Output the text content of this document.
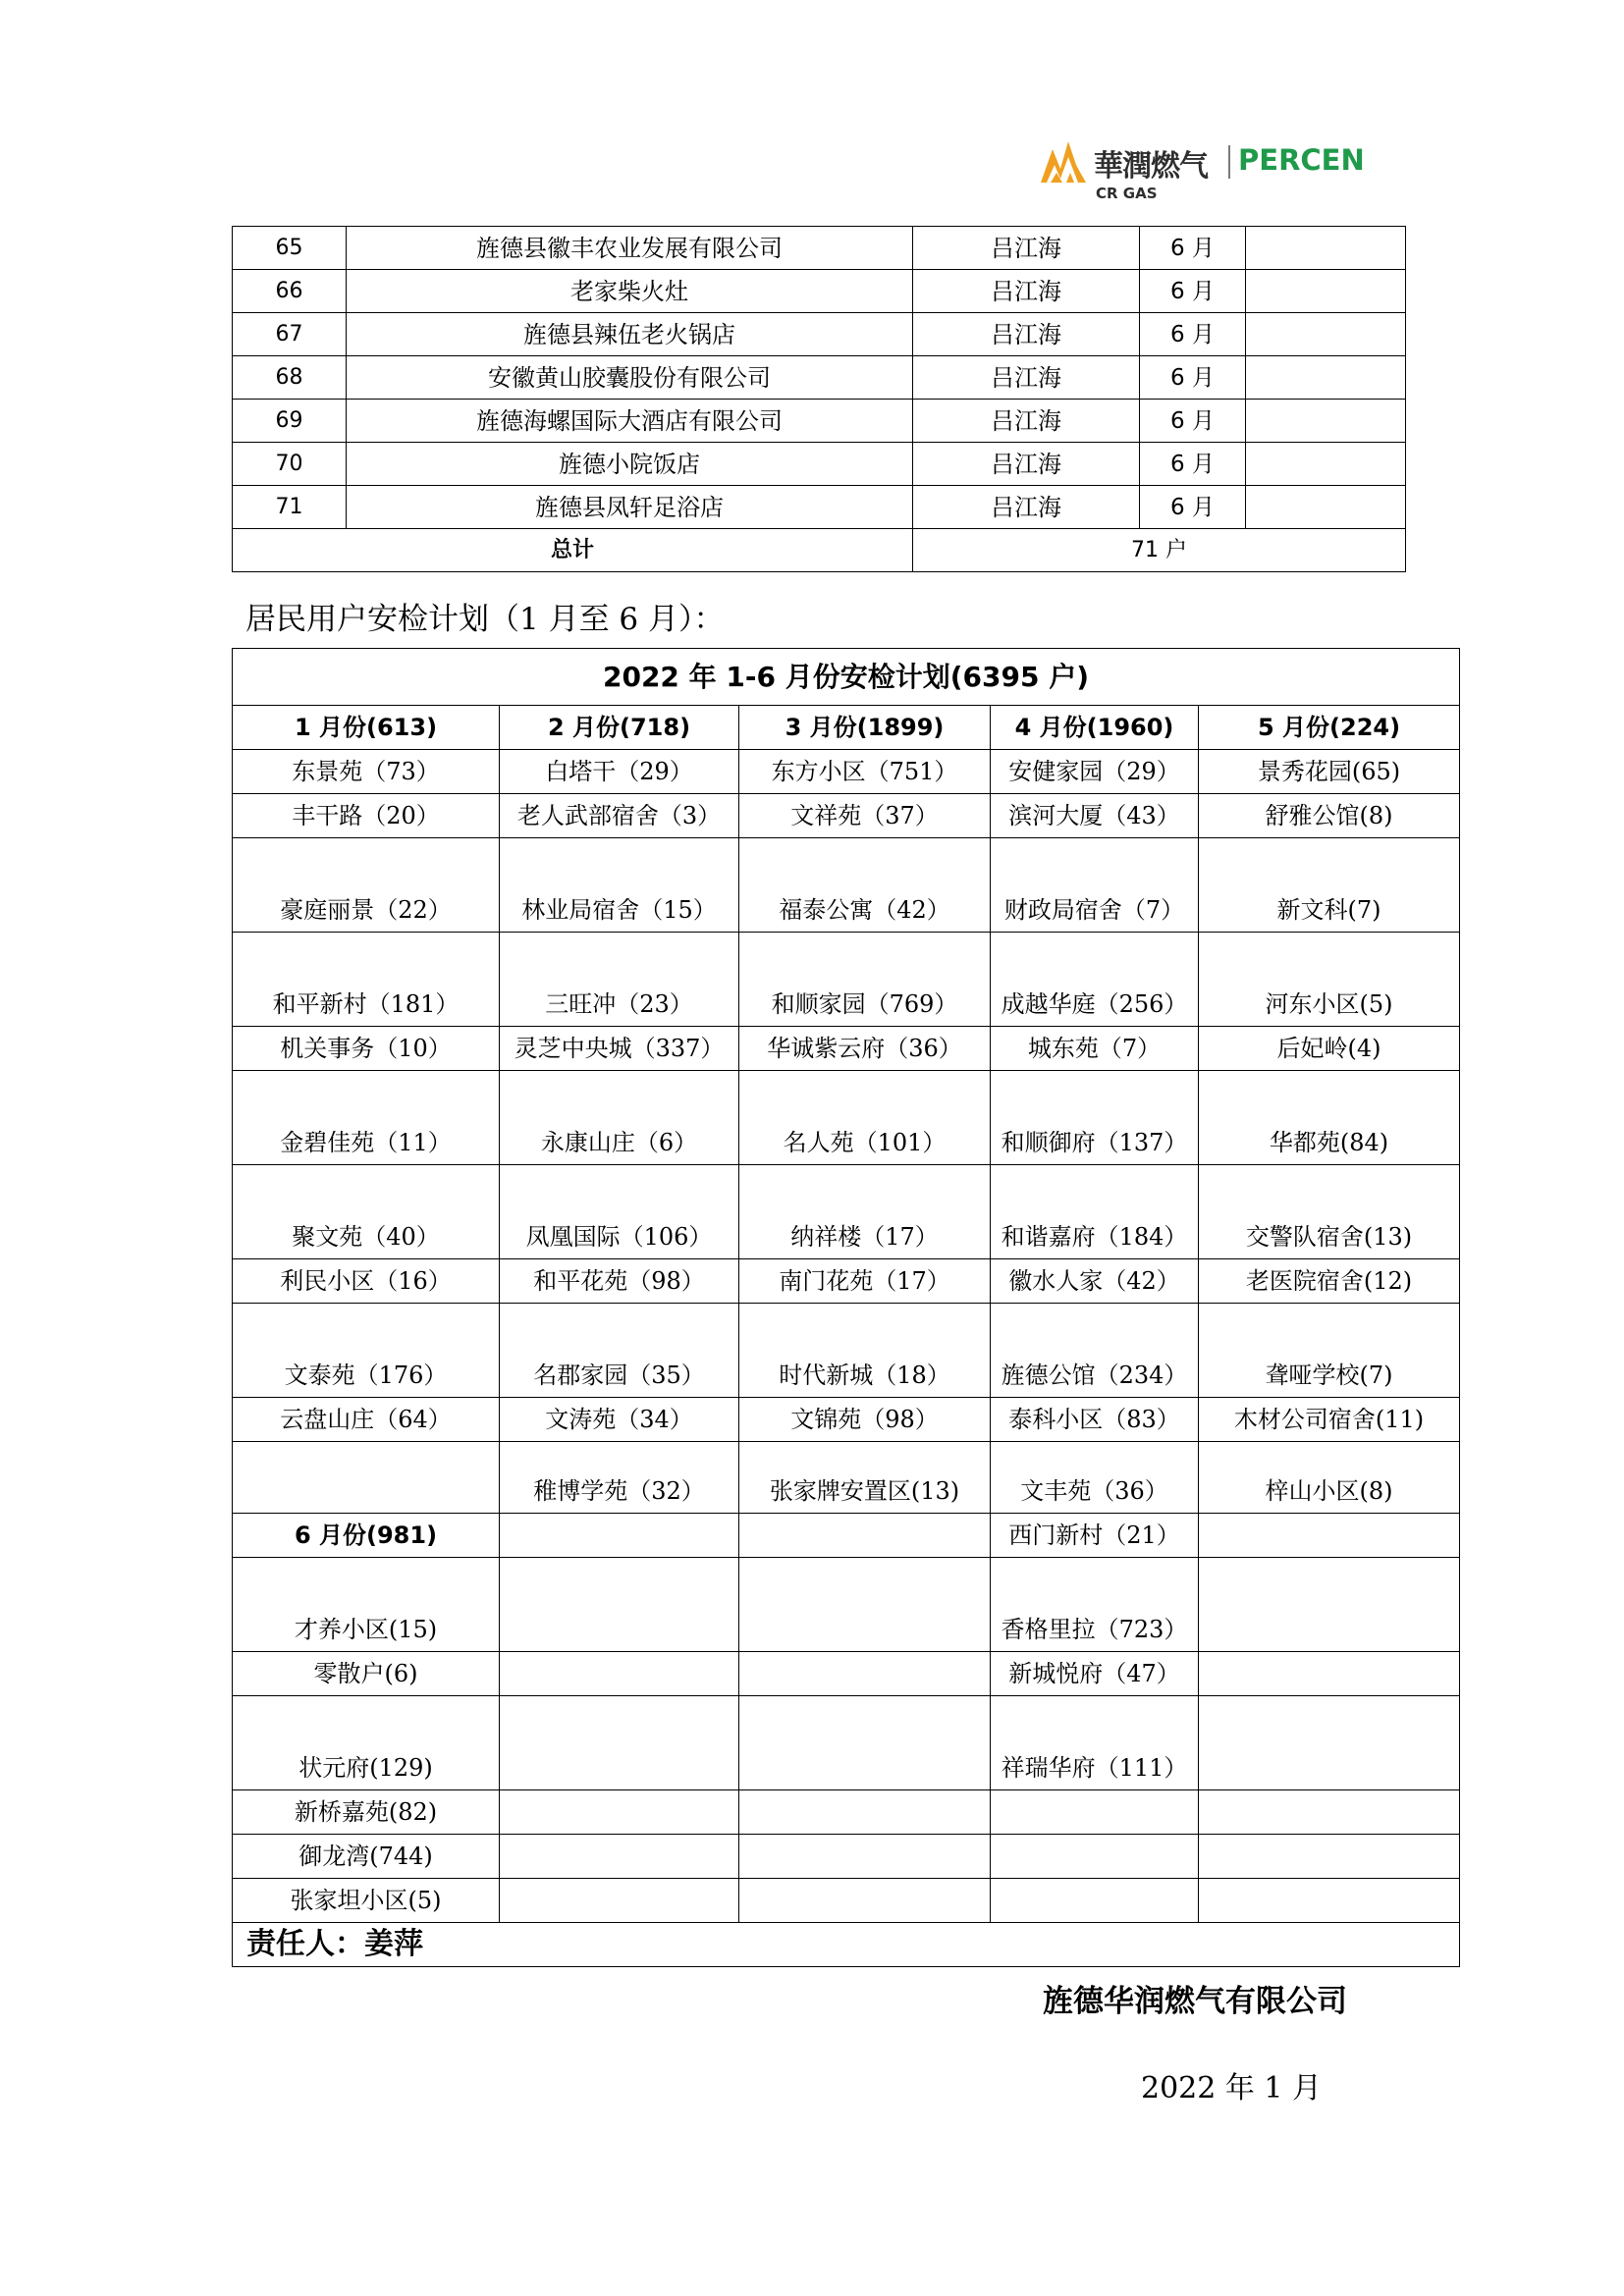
華潤燃气 PERCEN
CR GAS
65	旌德县徽丰农业发展有限公司	吕江海	6 月	
66	老家柴火灶	吕江海	6 月	
67	旌德县辣伍老火锅店	吕江海	6 月	
68	安徽黄山胶囊股份有限公司	吕江海	6 月	
69	旌德海螺国际大酒店有限公司	吕江海	6 月	
70	旌德小院饭店	吕江海	6 月	
71	旌德县凤轩足浴店	吕江海	6 月	
总计		71 户		
居民用户安检计划（1 月至 6 月）：
2022 年 1-6 月份安检计划(6395 户)				
1 月份(613)	2 月份(718)	3 月份(1899)	4 月份(1960)	5 月份(224)
东景苑（73）	白塔干（29）	东方小区（751）	安健家园（29）	景秀花园(65)
丰干路（20）	老人武部宿舍（3）	文祥苑（37）	滨河大厦（43）	舒雅公馆(8)
豪庭丽景（22）	林业局宿舍（15）	福泰公寓（42）	财政局宿舍（7）	新文科(7)
和平新村（181）	三旺冲（23）	和顺家园（769）	成越华庭（256）	河东小区(5)
机关事务（10）	灵芝中央城（337）	华诚紫云府（36）	城东苑（7）	后妃岭(4)
金碧佳苑（11）	永康山庄（6）	名人苑（101）	和顺御府（137）	华都苑(84)
聚文苑（40）	凤凰国际（106）	纳祥楼（17）	和谐嘉府（184）	交警队宿舍(13)
利民小区（16）	和平花苑（98）	南门花苑（17）	徽水人家（42）	老医院宿舍(12)
文泰苑（176）	名郡家园（35）	时代新城（18）	旌德公馆（234）	聋哑学校(7)
云盘山庄（64）	文涛苑（34）	文锦苑（98）	泰科小区（83）	木材公司宿舍(11)
	稚博学苑（32）	张家牌安置区(13)	文丰苑（36）	梓山小区(8)
6 月份(981)			西门新村（21）	
才养小区(15)			香格里拉（723）	
零散户(6)			新城悦府（47）	
状元府(129)			祥瑞华府（111）	
新桥嘉苑(82)				
御龙湾(744)				
张家坦小区(5)				
责任人：姜萍				
旌德华润燃气有限公司
2022 年 1 月
